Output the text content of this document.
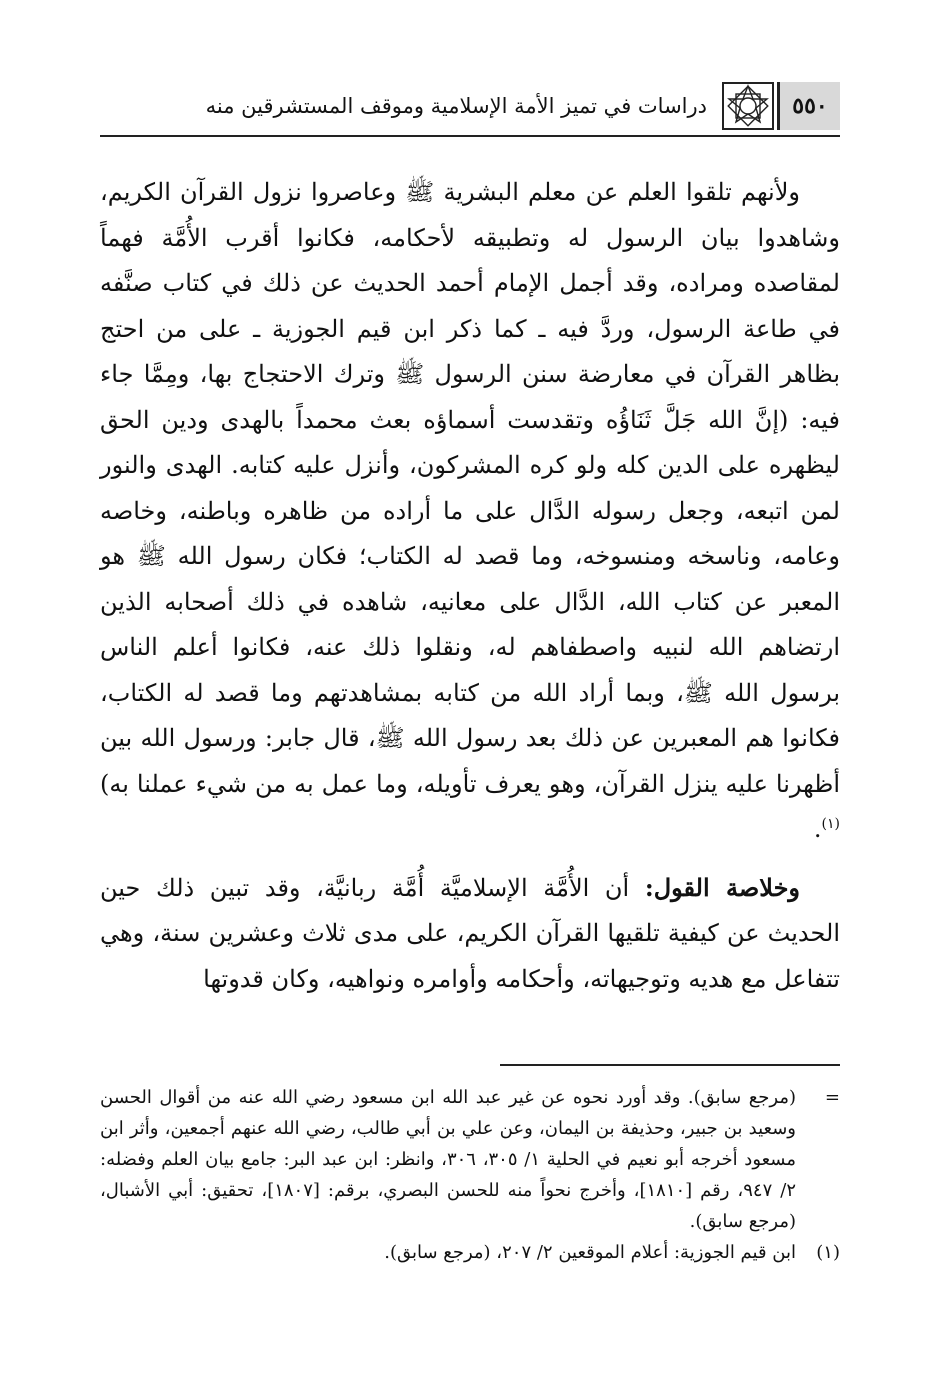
٥٥٠
دراسات في تميز الأمة الإسلامية وموقف المستشرقين منه

ولأنهم تلقوا العلم عن معلم البشرية ﷺ وعاصروا نزول القرآن الكريم، وشاهدوا بيان الرسول له وتطبيقه لأحكامه، فكانوا أقرب الأُمَّة فهماً لمقاصده ومراده، وقد أجمل الإمام أحمد الحديث عن ذلك في كتاب صنَّفه في طاعة الرسول، وردَّ فيه ـ كما ذكر ابن قيم الجوزية ـ على من احتج بظاهر القرآن في معارضة سنن الرسول ﷺ وترك الاحتجاج بها، ومِمَّا جاء فيه: (إنَّ الله جَلَّ ثَنَاؤُه وتقدست أسماؤه بعث محمداً بالهدى ودين الحق ليظهره على الدين كله ولو كره المشركون، وأنزل عليه كتابه. الهدى والنور لمن اتبعه، وجعل رسوله الدَّال على ما أراده من ظاهره وباطنه، وخاصه وعامه، وناسخه ومنسوخه، وما قصد له الكتاب؛ فكان رسول الله ﷺ هو المعبر عن كتاب الله، الدَّال على معانيه، شاهده في ذلك أصحابه الذين ارتضاهم الله لنبيه واصطفاهم له، ونقلوا ذلك عنه، فكانوا أعلم الناس برسول الله ﷺ، وبما أراد الله من كتابه بمشاهدتهم وما قصد له الكتاب، فكانوا هم المعبرين عن ذلك بعد رسول الله ﷺ، قال جابر: ورسول الله بين أظهرنا عليه ينزل القرآن، وهو يعرف تأويله، وما عمل به من شيء عملنا به)$^{(١)}$.

وخلاصة القول: أن الأُمَّة الإسلاميَّة أُمَّة ربانيَّة، وقد تبين ذلك حين الحديث عن كيفية تلقيها القرآن الكريم، على مدى ثلاث وعشرين سنة، وهي تتفاعل مع هديه وتوجيهاته، وأحكامه وأوامره ونواهيه، وكان قدوتها

=
(مرجع سابق). وقد أورد نحوه عن غير عبد الله ابن مسعود رضي الله عنه من أقوال الحسن وسعيد بن جبير، وحذيفة بن اليمان، وعن علي بن أبي طالب، رضي الله عنهم أجمعين، وأثر ابن مسعود أخرجه أبو نعيم في الحلية ١/ ٣٠٥، ٣٠٦، وانظر: ابن عبد البر: جامع بيان العلم وفضله: ٢/ ٩٤٧، رقم [١٨١٠]، وأخرج نحواً منه للحسن البصري، برقم: [١٨٠٧]، تحقيق: أبي الأشبال، (مرجع سابق).
(١)
ابن قيم الجوزية: أعلام الموقعين ٢/ ٢٠٧، (مرجع سابق).
